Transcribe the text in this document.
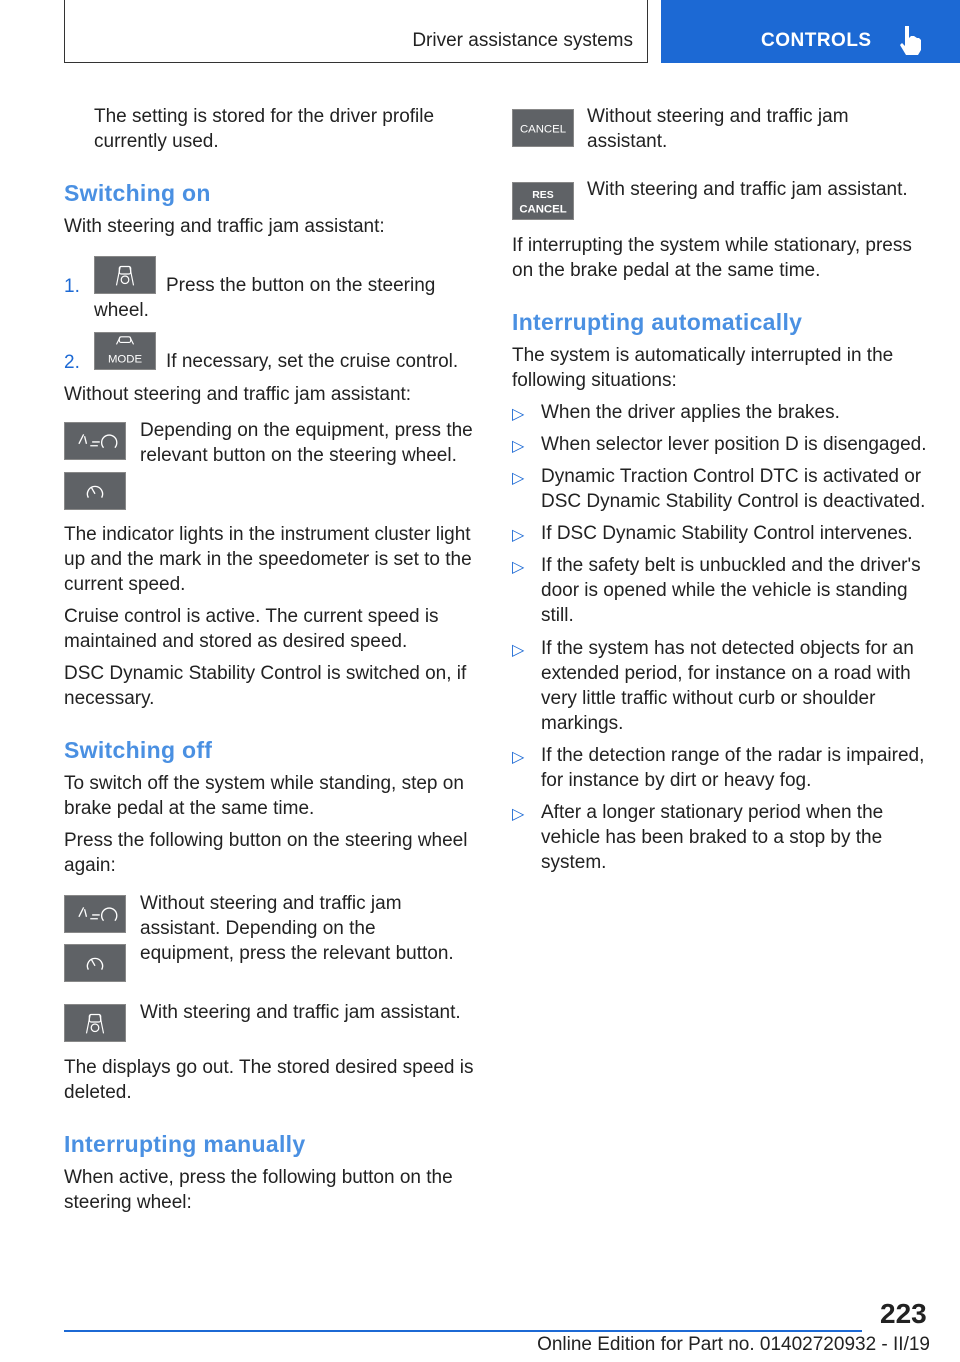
Driver assistance systems	CONTROLS
The setting is stored for the driver profile currently used.
Switching on
With steering and traffic jam assistant:
1.	Press the button on the steering
wheel.
2. MODE If necessary, set the cruise control.
Without steering and traffic jam assistant:
Depending on the equipment, press the relevant button on the steering wheel.
The indicator lights in the instrument cluster light up and the mark in the speedometer is set to the current speed.
Cruise control is active. The current speed is maintained and stored as desired speed.
DSC Dynamic Stability Control is switched on, if necessary.
Switching off
To switch off the system while standing, step on brake pedal at the same time.
Press the following button on the steering wheel again:
Without steering and traffic jam assistant. Depending on the equipment, press the relevant button.
With steering and traffic jam assistant.
The displays go out. The stored desired speed is deleted.
Interrupting manually
When active, press the following button on the steering wheel:
CANCEL
Without steering and traffic jam assistant.
RES
CANCEL
With steering and traffic jam assistant.
If interrupting the system while stationary, press on the brake pedal at the same time.
Interrupting automatically
The system is automatically interrupted in the following situations:
▷ When the driver applies the brakes.
▷ When selector lever position D is disengaged.
▷ Dynamic Traction Control DTC is activated or DSC Dynamic Stability Control is deactivated.
▷ If DSC Dynamic Stability Control intervenes.
▷ If the safety belt is unbuckled and the driver's door is opened while the vehicle is standing still.
▷ If the system has not detected objects for an extended period, for instance on a road with very little traffic without curb or shoulder markings.
▷ If the detection range of the radar is impaired, for instance by dirt or heavy fog.
▷ After a longer stationary period when the vehicle has been braked to a stop by the system.
223
Online Edition for Part no. 01402720932 - II/19
